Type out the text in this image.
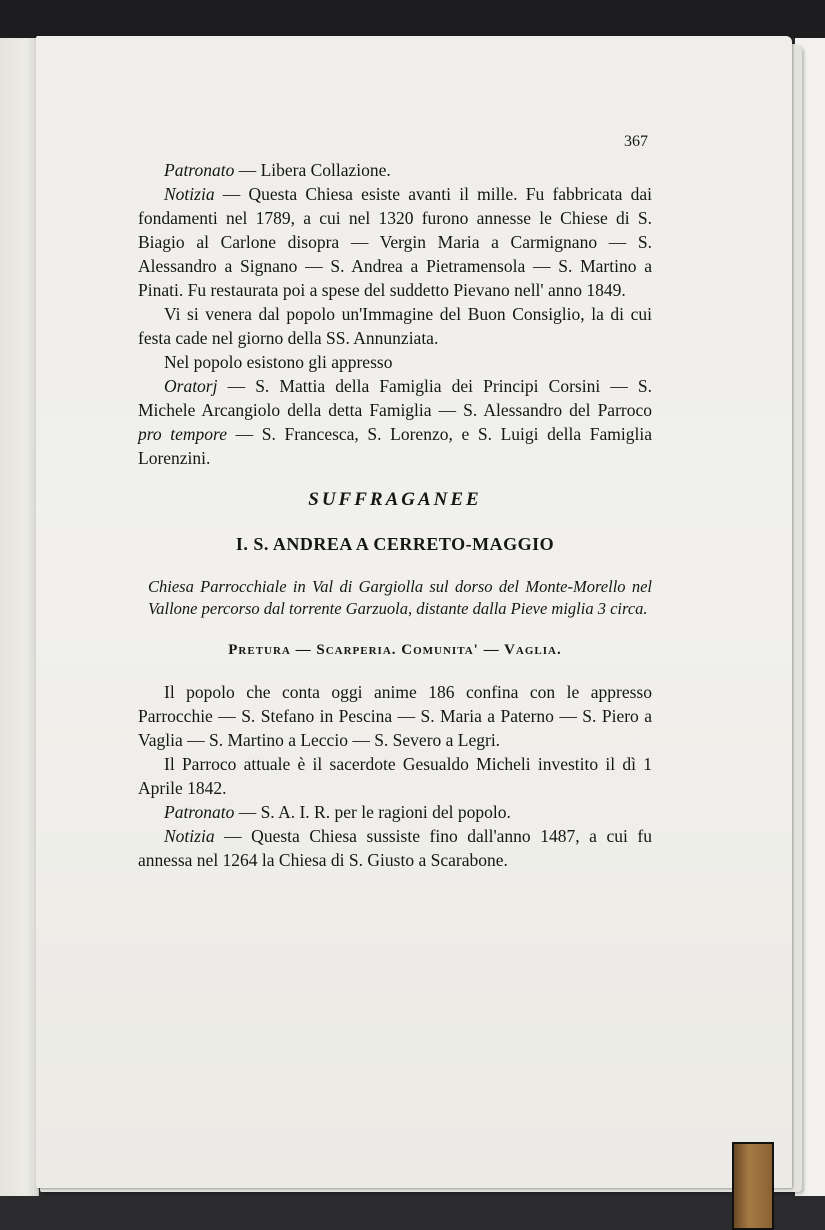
367

Patronato — Libera Collazione.

Notizia — Questa Chiesa esiste avanti il mille. Fu fabbricata dai fondamenti nel 1789, a cui nel 1320 furono annesse le Chiese di S. Biagio al Carlone disopra — Vergin Maria a Carmignano — S. Alessandro a Signano — S. Andrea a Pietramensola — S. Martino a Pinati. Fu restaurata poi a spese del suddetto Pievano nell' anno 1849.

Vi si venera dal popolo un'Immagine del Buon Consiglio, la di cui festa cade nel giorno della SS. Annunziata.

Nel popolo esistono gli appresso

Oratorj — S. Mattia della Famiglia dei Principi Corsini — S. Michele Arcangiolo della detta Famiglia — S. Alessandro del Parroco pro tempore — S. Francesca, S. Lorenzo, e S. Luigi della Famiglia Lorenzini.

SUFFRAGANEE
I. S. ANDREA A CERRETO-MAGGIO

Chiesa Parrocchiale in Val di Gargiolla sul dorso del Monte-Morello nel Vallone percorso dal torrente Garzuola, distante dalla Pieve miglia 3 circa.

Pretura — Scarperia. Comunita' — Vaglia.

Il popolo che conta oggi anime 186 confina con le appresso Parrocchie — S. Stefano in Pescina — S. Maria a Paterno — S. Piero a Vaglia — S. Martino a Leccio — S. Severo a Legri.

Il Parroco attuale è il sacerdote Gesualdo Micheli investito il dì 1 Aprile 1842.

Patronato — S. A. I. R. per le ragioni del popolo.

Notizia — Questa Chiesa sussiste fino dall'anno 1487, a cui fu annessa nel 1264 la Chiesa di S. Giusto a Scarabone.
